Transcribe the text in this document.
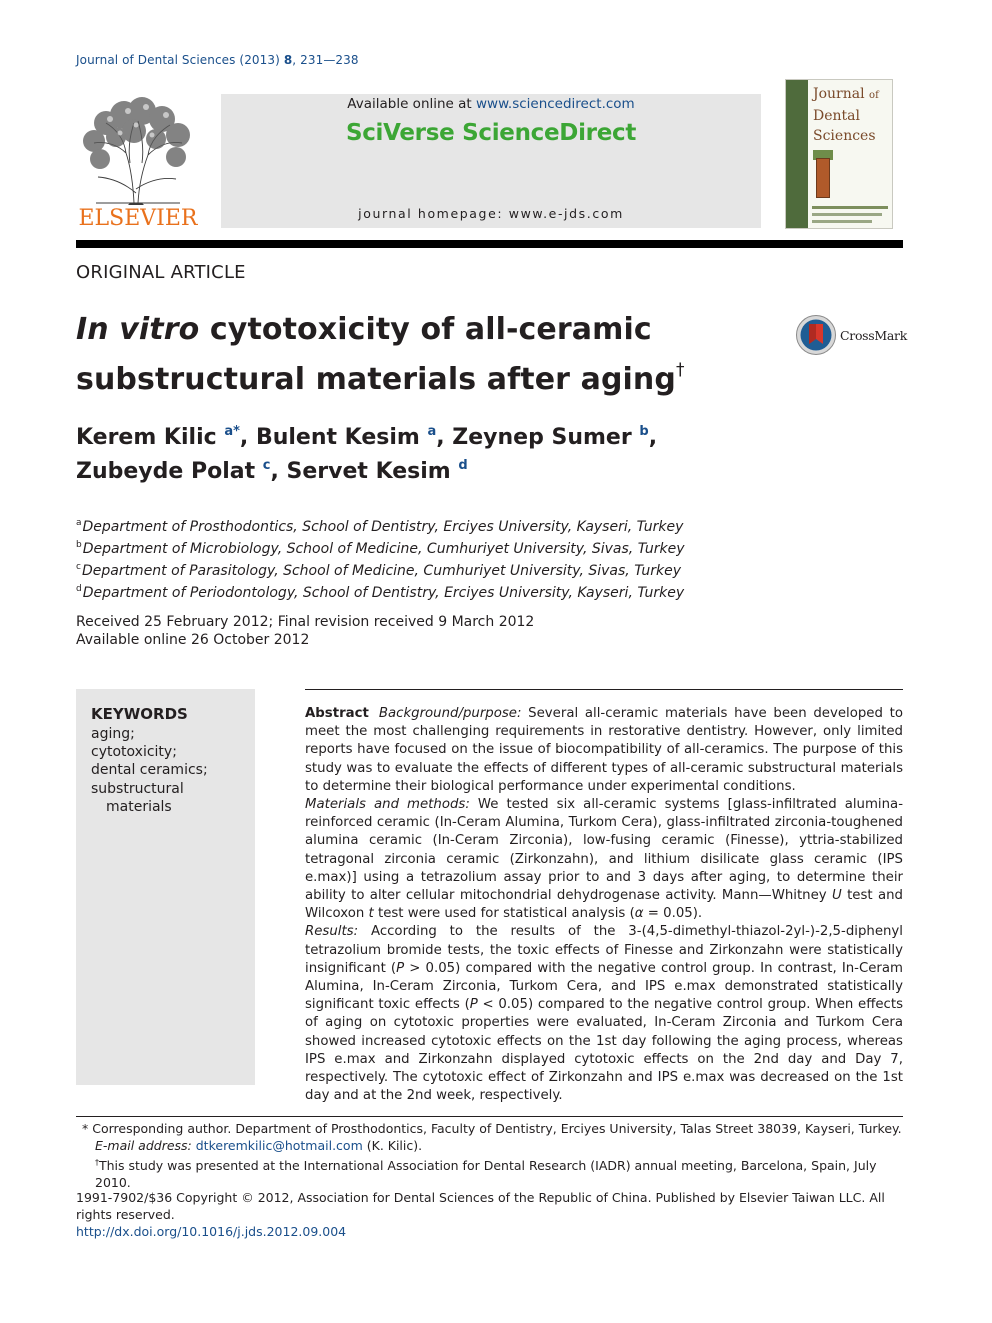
Journal of Dental Sciences (2013) 8, 231—238
ELSEVIER
Available online at www.sciencedirect.com
SciVerse ScienceDirect
journal homepage: www.e-jds.com
Journal of
Dental
Sciences
ORIGINAL ARTICLE
In vitro cytotoxicity of all-ceramic
substructural materials after aging†
CrossMark
Kerem Kilic $^{a*}$, Bulent Kesim $^a$, Zeynep Sumer $^b$,
Zubeyde Polat $^c$, Servet Kesim $^d$
$^a$Department of Prosthodontics, School of Dentistry, Erciyes University, Kayseri, Turkey
$^b$Department of Microbiology, School of Medicine, Cumhuriyet University, Sivas, Turkey
$^c$Department of Parasitology, School of Medicine, Cumhuriyet University, Sivas, Turkey
$^d$Department of Periodontology, School of Dentistry, Erciyes University, Kayseri, Turkey
Received 25 February 2012; Final revision received 9 March 2012
Available online 26 October 2012
KEYWORDS
aging;
cytotoxicity;
dental ceramics;
substructural
materials

Abstract Background/purpose: Several all-ceramic materials have been developed to meet the most challenging requirements in restorative dentistry. However, only limited reports have focused on the issue of biocompatibility of all-ceramics. The purpose of this study was to evaluate the effects of different types of all-ceramic substructural materials to determine their biological performance under experimental conditions.

Materials and methods: We tested six all-ceramic systems [glass-infiltrated alumina-reinforced ceramic (In-Ceram Alumina, Turkom Cera), glass-infiltrated zirconia-toughened alumina ceramic (In-Ceram Zirconia), low-fusing ceramic (Finesse), yttria-stabilized tetragonal zirconia ceramic (Zirkonzahn), and lithium disilicate glass ceramic (IPS e.max)] using a tetrazolium assay prior to and 3 days after aging, to determine their ability to alter cellular mitochondrial dehydrogenase activity. Mann—Whitney U test and Wilcoxon t test were used for statistical analysis (α = 0.05).

Results: According to the results of the 3-(4,5-dimethyl-thiazol-2yl-)-2,5-diphenyl tetrazolium bromide tests, the toxic effects of Finesse and Zirkonzahn were statistically insignificant (P > 0.05) compared with the negative control group. In contrast, In-Ceram Alumina, In-Ceram Zirconia, Turkom Cera, and IPS e.max demonstrated statistically significant toxic effects (P < 0.05) compared to the negative control group. When effects of aging on cytotoxic properties were evaluated, In-Ceram Zirconia and Turkom Cera showed increased cytotoxic effects on the 1st day following the aging process, whereas IPS e.max and Zirkonzahn displayed cytotoxic effects on the 2nd day and Day 7, respectively. The cytotoxic effect of Zirkonzahn and IPS e.max was decreased on the 1st day and at the 2nd week, respectively.

* Corresponding author. Department of Prosthodontics, Faculty of Dentistry, Erciyes University, Talas Street 38039, Kayseri, Turkey.
E-mail address: dtkeremkilic@hotmail.com (K. Kilic).
†This study was presented at the International Association for Dental Research (IADR) annual meeting, Barcelona, Spain, July 2010.
1991-7902/$36 Copyright © 2012, Association for Dental Sciences of the Republic of China. Published by Elsevier Taiwan LLC. All rights reserved.
http://dx.doi.org/10.1016/j.jds.2012.09.004
